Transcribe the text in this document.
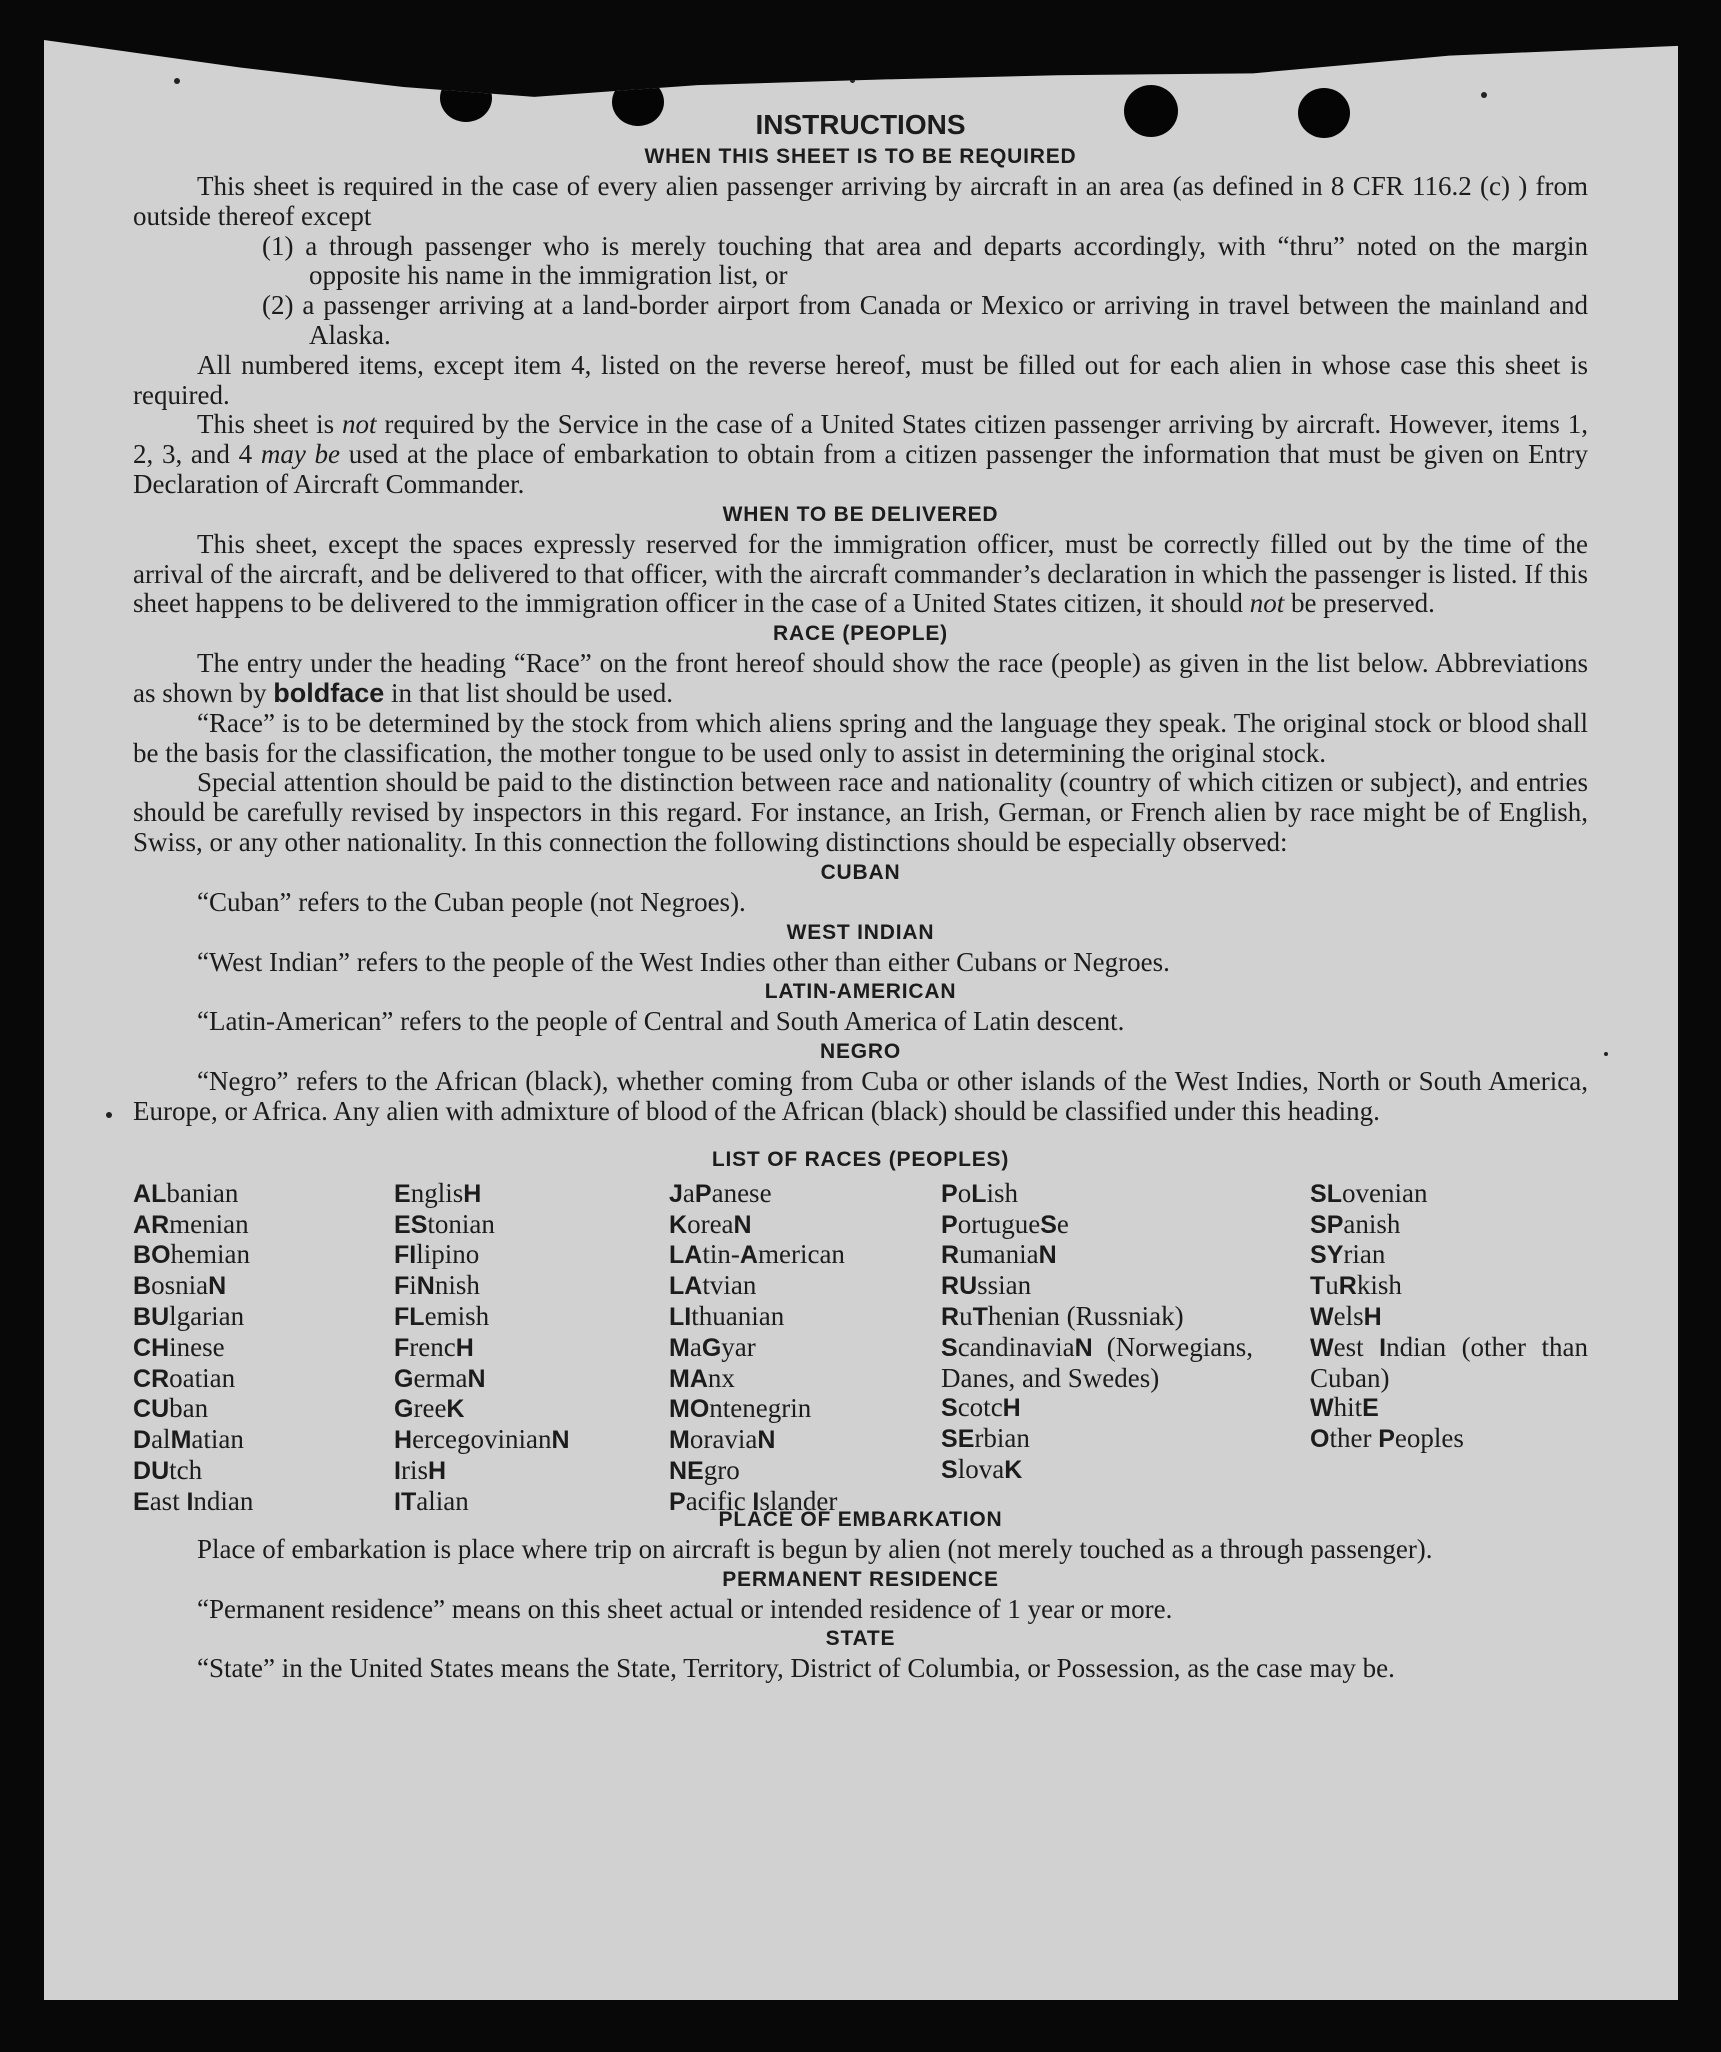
INSTRUCTIONS
WHEN THIS SHEET IS TO BE REQUIRED

This sheet is required in the case of every alien passenger arriving by aircraft in an area (as defined in 8 CFR 116.2 (c) ) from outside thereof except

(1) a through passenger who is merely touching that area and departs accordingly, with “thru” noted on the margin opposite his name in the immigration list, or

(2) a passenger arriving at a land-border airport from Canada or Mexico or arriving in travel between the mainland and Alaska.

All numbered items, except item 4, listed on the reverse hereof, must be filled out for each alien in whose case this sheet is required.

This sheet is not required by the Service in the case of a United States citizen passenger arriving by aircraft. However, items 1, 2, 3, and 4 may be used at the place of embarkation to obtain from a citizen passenger the information that must be given on Entry Declaration of Aircraft Commander.

WHEN TO BE DELIVERED

This sheet, except the spaces expressly reserved for the immigration officer, must be correctly filled out by the time of the arrival of the aircraft, and be delivered to that officer, with the aircraft commander’s declaration in which the passenger is listed. If this sheet happens to be delivered to the immigration officer in the case of a United States citizen, it should not be preserved.

RACE (PEOPLE)

The entry under the heading “Race” on the front hereof should show the race (people) as given in the list below. Abbreviations as shown by boldface in that list should be used.

“Race” is to be determined by the stock from which aliens spring and the language they speak. The original stock or blood shall be the basis for the classification, the mother tongue to be used only to assist in determining the original stock.

Special attention should be paid to the distinction between race and nationality (country of which citizen or subject), and entries should be carefully revised by inspectors in this regard. For instance, an Irish, German, or French alien by race might be of English, Swiss, or any other nationality. In this connection the following distinctions should be especially observed:

CUBAN

“Cuban” refers to the Cuban people (not Negroes).

WEST INDIAN

“West Indian” refers to the people of the West Indies other than either Cubans or Negroes.

LATIN-AMERICAN

“Latin-American” refers to the people of Central and South America of Latin descent.

NEGRO

“Negro” refers to the African (black), whether coming from Cuba or other islands of the West Indies, North or South America, Europe, or Africa. Any alien with admixture of blood of the African (black) should be classified under this heading.

LIST OF RACES (PEOPLES)
ALbanian
ARmenian
BOhemian
BosniaN
BUlgarian
CHinese
CRoatian
CUban
DalMatian
DUtch
East Indian
EnglisH
EStonian
FIlipino
FiNnish
FLemish
FrencH
GermaN
GreeK
HercegovinianN
IrisH
ITalian
JaPanese
KoreaN
LAtin-American
LAtvian
LIthuanian
MaGyar
MAnx
MOntenegrin
MoraviaN
NEgro
Pacific Islander
PoLish
PortugueSe
RumaniaN
RUssian
RuThenian (Russniak)
ScandinaviaN (Norwegians, Danes, and Swedes)
ScotcH
SErbian
SlovaK
SLovenian
SPanish
SYrian
TuRkish
WelsH
West Indian (other than Cuban)
WhitE
Other Peoples
PLACE OF EMBARKATION

Place of embarkation is place where trip on aircraft is begun by alien (not merely touched as a through passenger).

PERMANENT RESIDENCE

“Permanent residence” means on this sheet actual or intended residence of 1 year or more.

STATE

“State” in the United States means the State, Territory, District of Columbia, or Possession, as the case may be.
